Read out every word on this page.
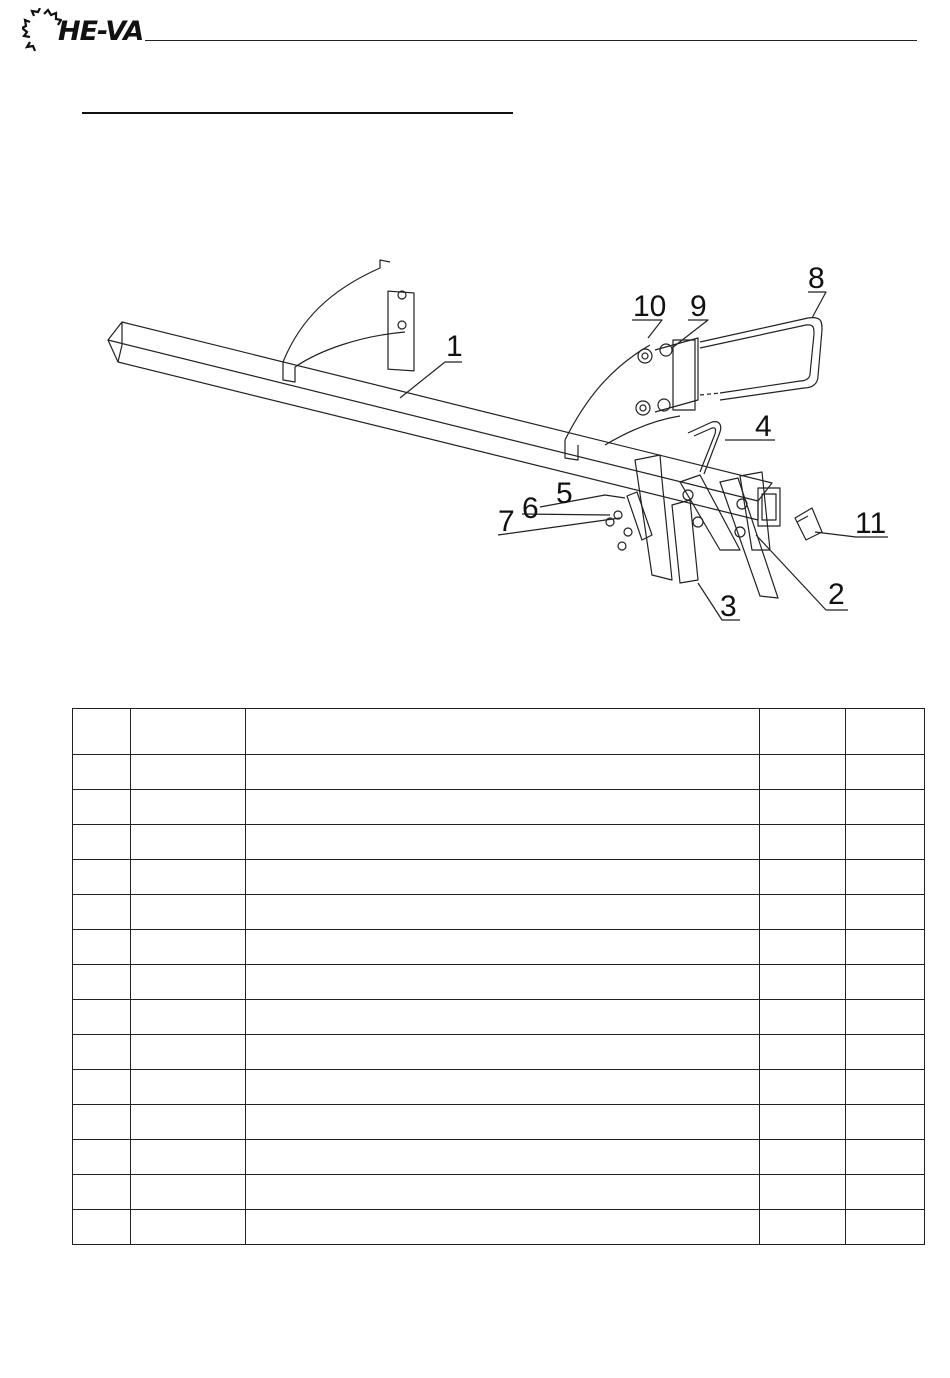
HE-VA
1
2
3
4
5
6
7
8
9
10
11
